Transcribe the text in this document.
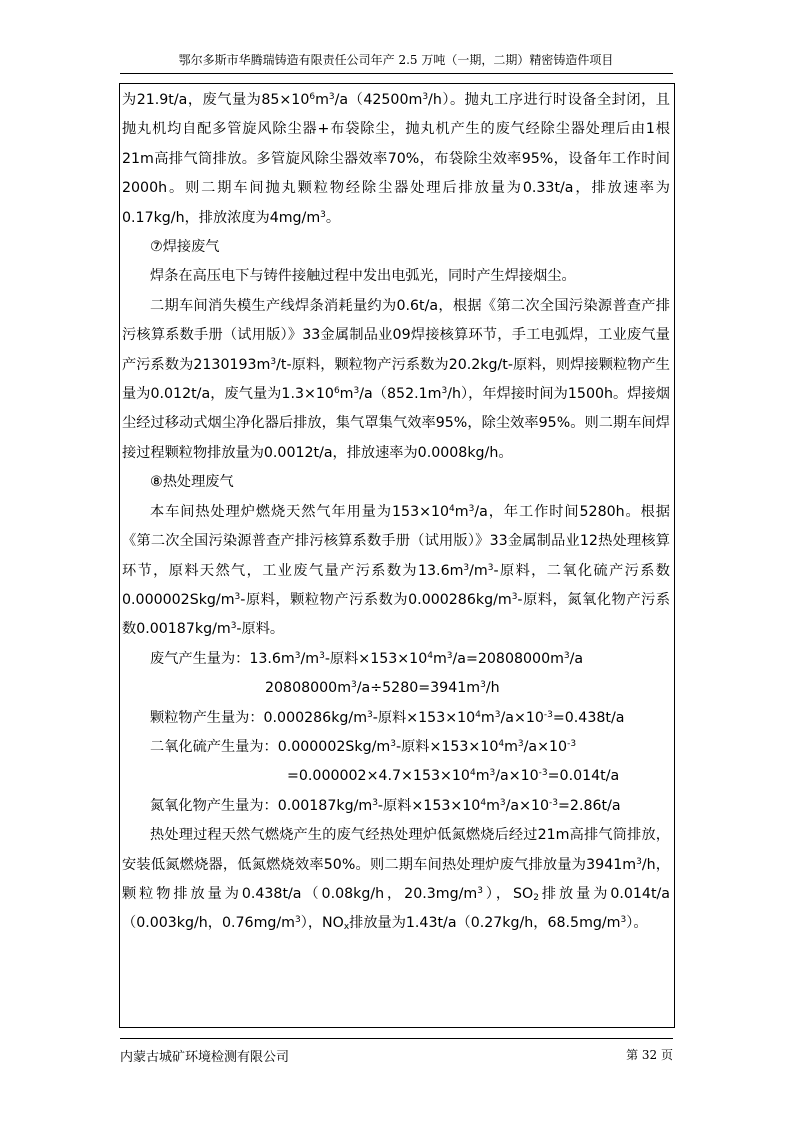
鄂尔多斯市华腾瑞铸造有限责任公司年产 2.5 万吨（一期，二期）精密铸造件项目

为21.9t/a，废气量为$85\times 10^6m^3/a(42500m^3/h)$。抛丸工序进行时设备全封闭，且抛丸机均自配多管旋风除尘器+布袋除尘，抛丸机产生的废气经除尘器处理后由1根21m高排气筒排放。多管旋风除尘器效率70%，布袋除尘效率95%，设备年工作时间2000h。则二期车间抛丸颗粒物经除尘器处理后排放量为0.33t/a，排放速率为0.17kg/h，排放浓度为$4mg/m^3$。

⑦焊接废气

焊条在高压电下与铸件接触过程中发出电弧光，同时产生焊接烟尘。

二期车间消失模生产线焊条消耗量约为0.6t/a，根据《第二次全国污染源普查产排污核算系数手册（试用版）》33金属制品业09焊接核算环节，手工电弧焊，工业废气量产污系数为$2130193m^3/t-$原料，颗粒物产污系数为20.2kg/t-原料，则焊接颗粒物产生量为0.012t/a，废气量为$1.3\times 10^6m^3/a(852.1m^3/h)$，年焊接时间为1500h。焊接烟尘经过移动式烟尘净化器后排放，集气罩集气效率95%，除尘效率95%。则二期车间焊接过程颗粒物排放量为0.0012t/a，排放速率为0.0008kg/h。

⑧热处理废气

本车间热处理炉燃烧天然气年用量为$153\times 10^4m^3/a$，年工作时间5280h。根据《第二次全国污染源普查产排污核算系数手册（试用版）》33金属制品业12热处理核算环节，原料天然气，工业废气量产污系数为$13.6m^3/m^3-$原料，二氧化硫产污系数$0.000002Skg/m^3-$原料，颗粒物产污系数为$0.000286kg/m^3-$原料，氮氧化物产污系数$0.00187kg/m^3-$原料。

废气产生量为：$13.6m^3/m^3-$原料$\times 153\times 10^4m^3/a=20808000m^3/a$

$20808000m^3/a\div 5280=3941m^3/h$

颗粒物产生量为：$0.000286kg/m^3-$原料$\times 153\times 10^4m^3/a\times 10^{-3}=0.438t/a$

二氧化硫产生量为：$0.000002Skg/m^3-$原料$\times 153\times 10^4m^3/a\times 10^{-3}$

$=0.000002\times 4.7\times 153\times 10^4m^3/a\times 10^{-3}=0.014t/a$

氮氧化物产生量为：$0.00187kg/m^3-$原料$\times 153\times 10^4m^3/a\times 10^{-3}=2.86t/a$

热处理过程天然气燃烧产生的废气经热处理炉低氮燃烧后经过21m高排气筒排放，安装低氮燃烧器，低氮燃烧效率50%。则二期车间热处理炉废气排放量为$3941m^3/h$，颗粒物排放量为0.438t/a（0.08kg/h，$20.3mg/m^3$），$SO_2$排放量为0.014t/a（0.003kg/h，$0.76mg/m^3$），$NO_x$排放量为1.43t/a（0.27kg/h，$68.5mg/m^3$）。

内蒙古城矿环境检测有限公司	第 32 页
